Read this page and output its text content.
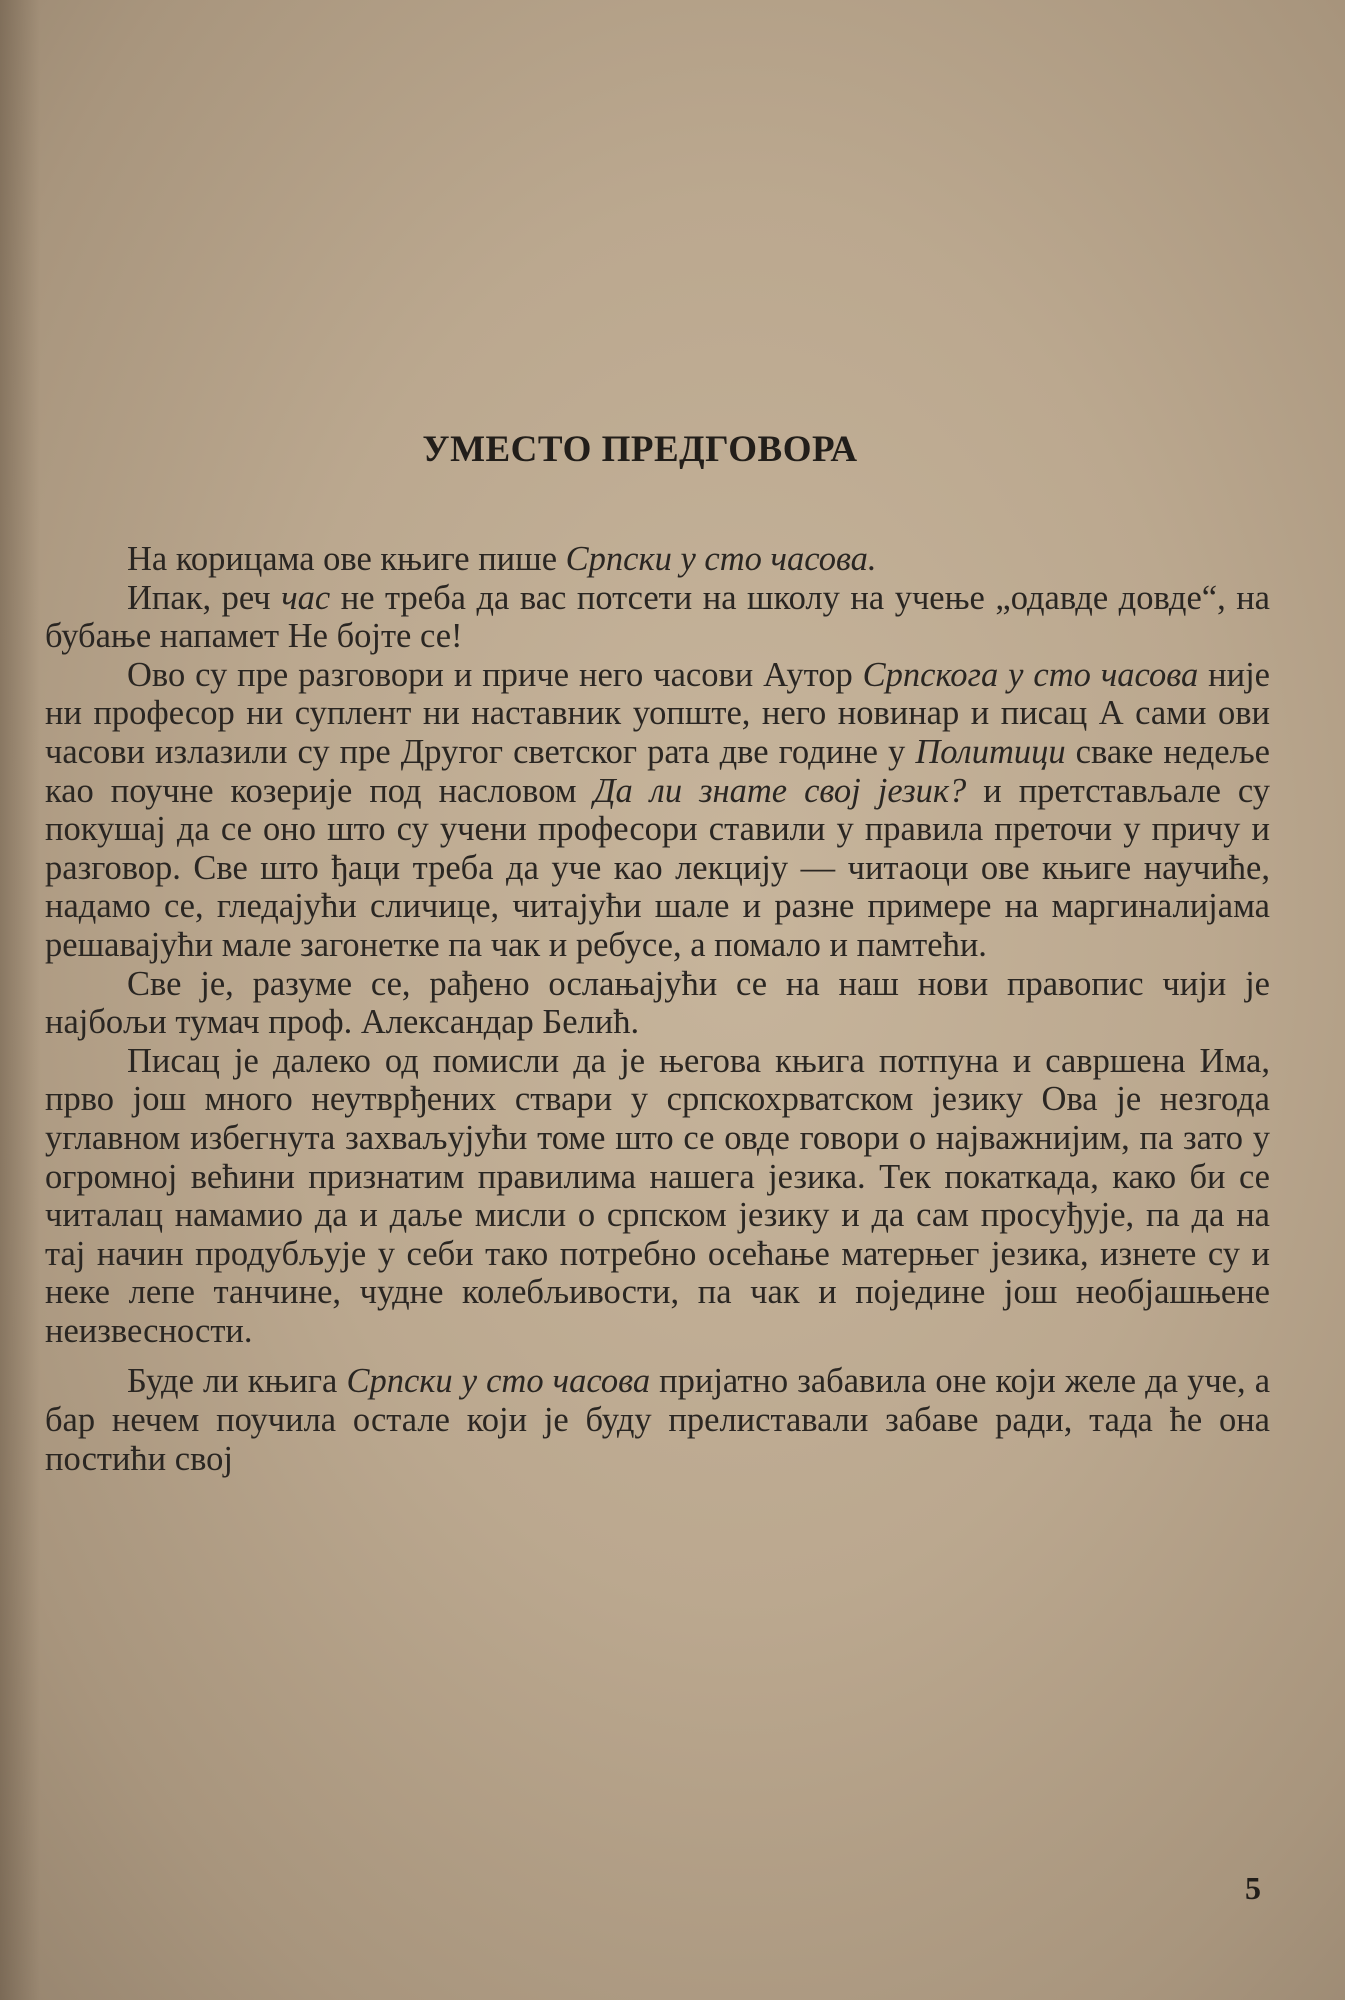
УМЕСТО ПРЕДГОВОРА

На корицама ове књиге пише Српски у сто часова.

Ипак, реч час не треба да вас потсети на школу на учење „одавде довде“, на бубање напамет Не бојте се!

Ово су пре разговори и приче него часови Аутор Српскога у сто часова није ни професор ни суплент ни наставник уопште, него новинар и писац А сами ови часови излазили су пре Другог светског рата две године у Политици сваке недеље као поучне козерије под насловом Да ли знате свој језик? и претстављале су покушај да се оно што су учени професори ставили у правила преточи у причу и разговор. Све што ђаци треба да уче као лекцију — читаоци ове књиге научиће, надамо се, гледајући сличице, читајући шале и разне примере на маргиналијама решавајући мале загонетке па чак и ребусе, а помало и памтећи.

Све је, разуме се, рађено ослањајући се на наш нови правопис чији је најбољи тумач проф. Александар Белић.

Писац је далеко од помисли да је његова књига потпуна и савршена Има, прво још много неутврђених ствари у српскохрватском језику Ова је незгода углавном избегнута захваљујући томе што се овде говори о најважнијим, па зато у огромној већини признатим правилима нашега језика. Тек покаткада, како би се читалац намамио да и даље мисли о српском језику и да сам просуђује, па да на тај начин продубљује у себи тако потребно осећање матерњег језика, изнете су и неке лепе танчине, чудне колебљивости, па чак и поједине још необјашњене неизвесности.

Буде ли књига Српски у сто часова пријатно забавила оне који желе да уче, а бар нечем поучила остале који је буду прелиставали забаве ради, тада ће она постићи свој

5
